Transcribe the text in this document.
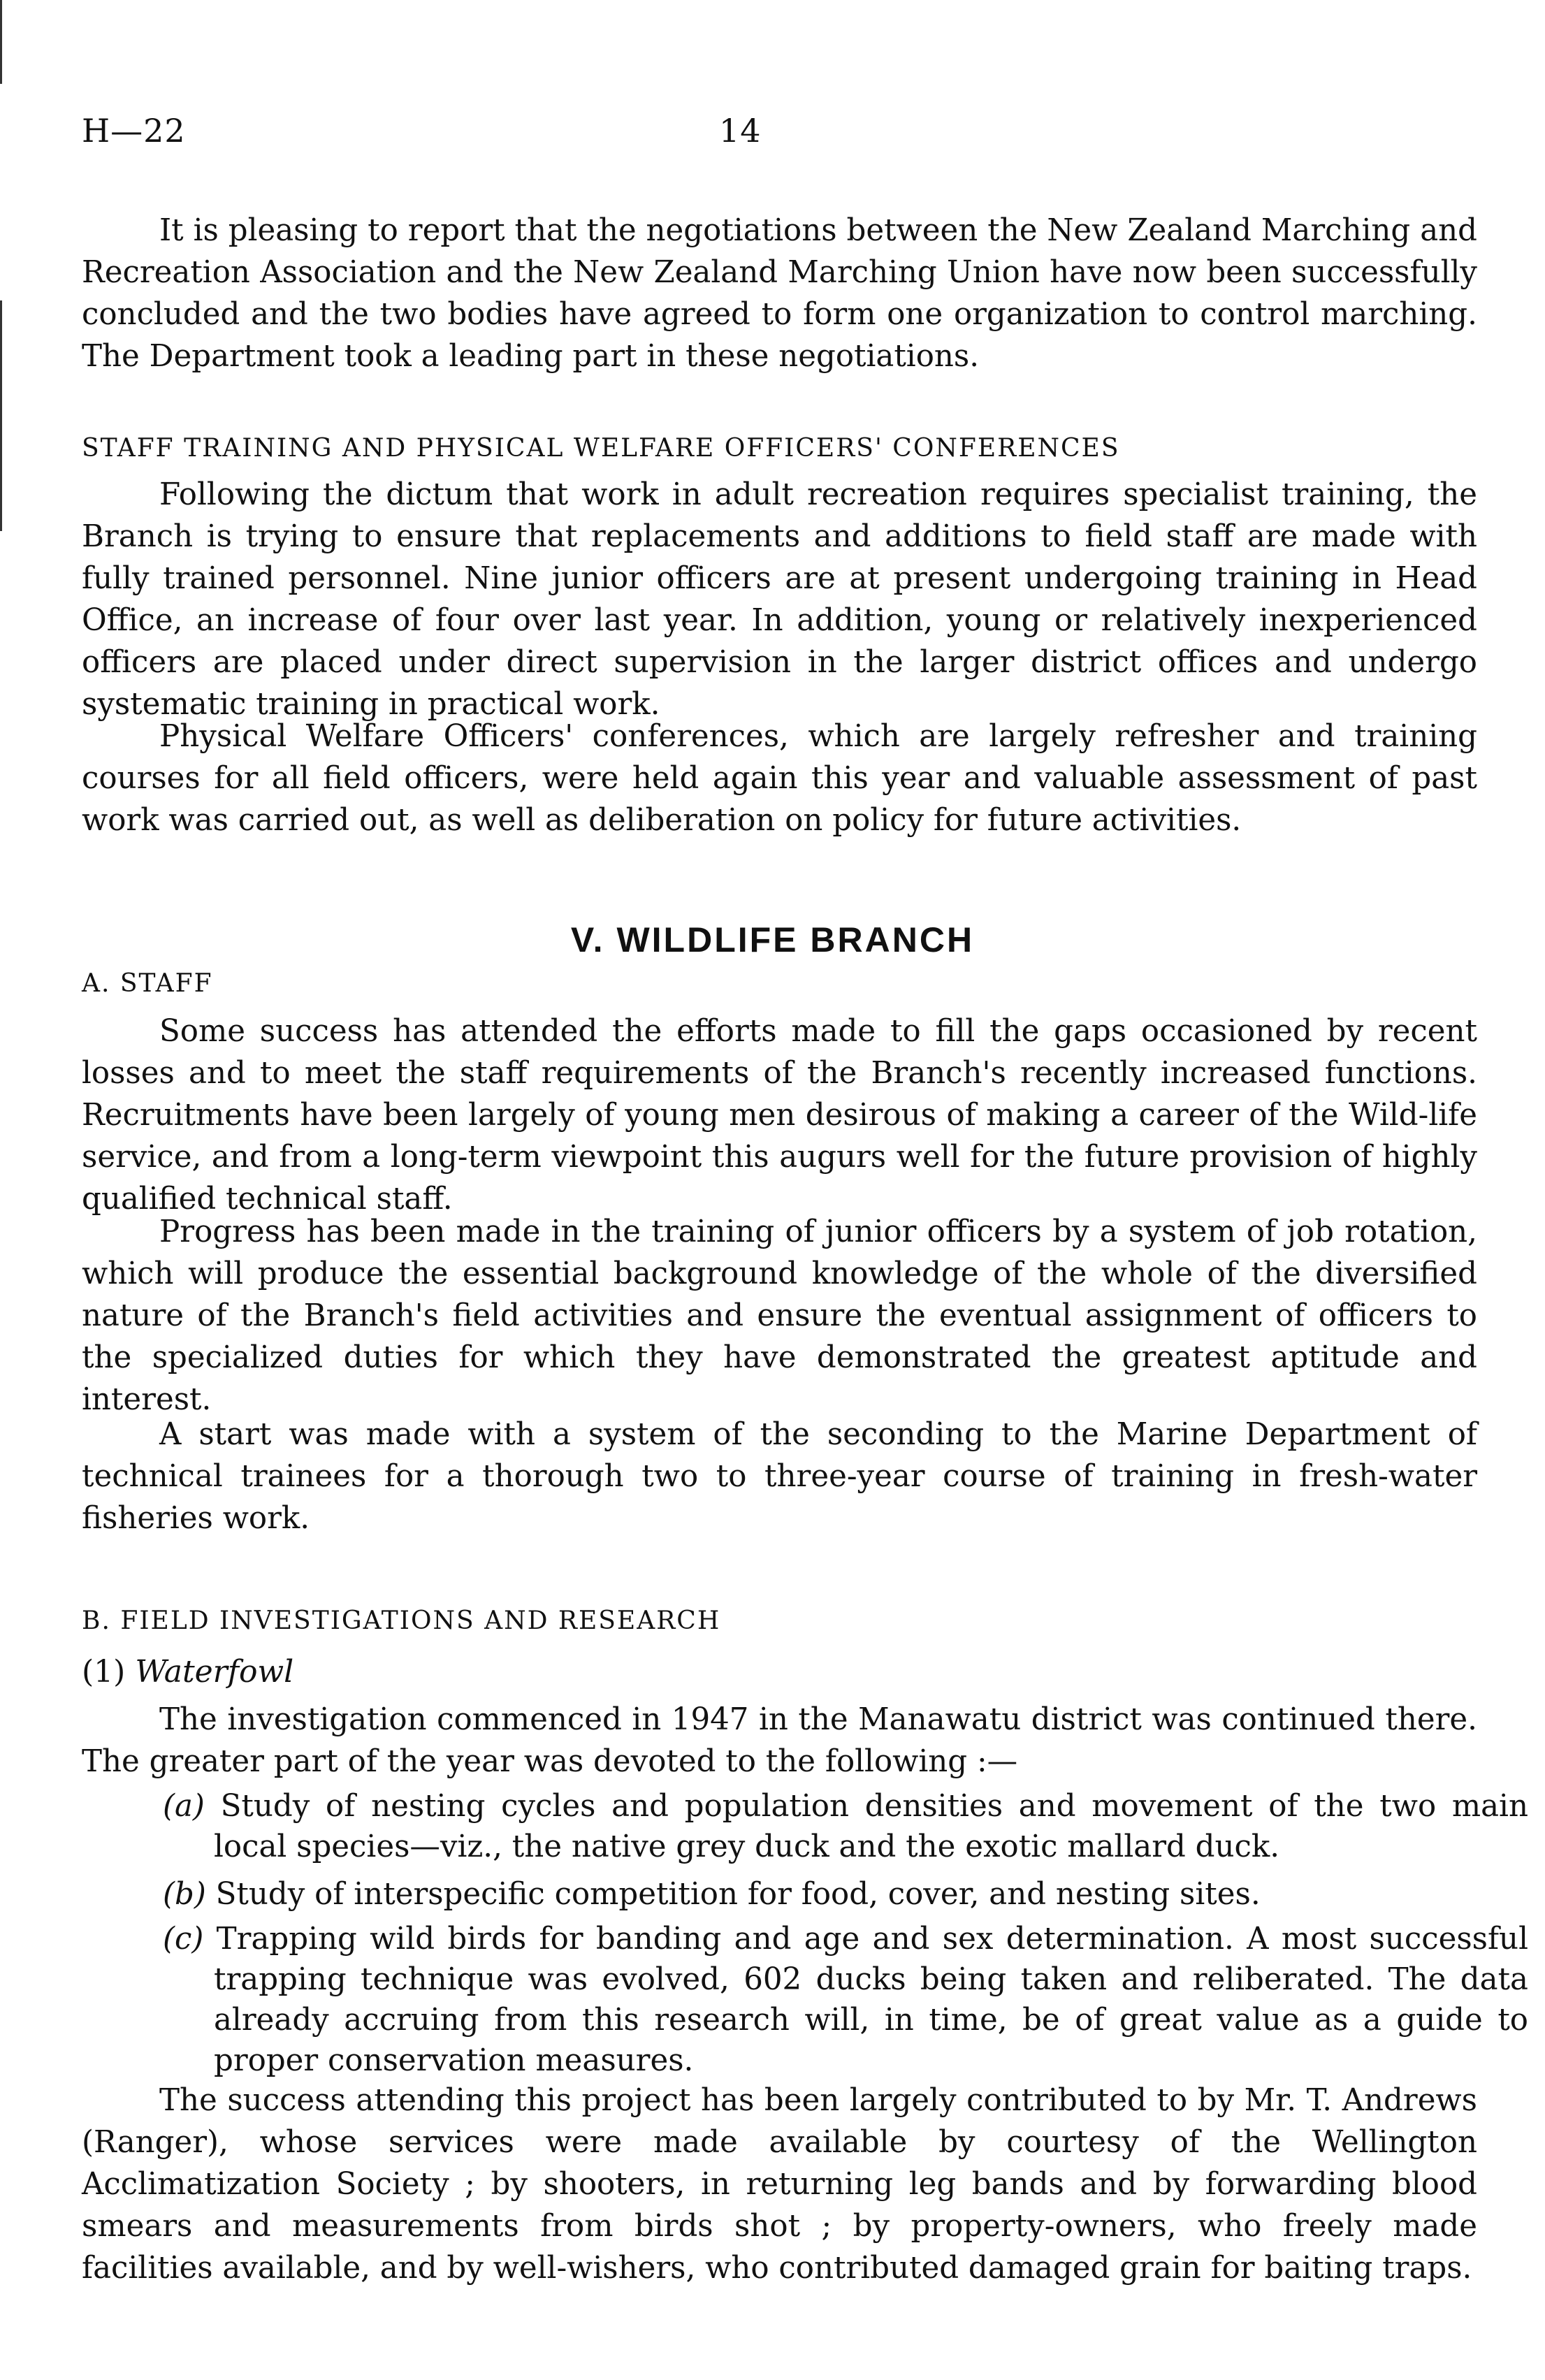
H—22	14

It is pleasing to report that the negotiations between the New Zealand Marching and Recreation Association and the New Zealand Marching Union have now been successfully concluded and the two bodies have agreed to form one organization to control marching. The Department took a leading part in these negotiations.

STAFF TRAINING AND PHYSICAL WELFARE OFFICERS' CONFERENCES

Following the dictum that work in adult recreation requires specialist training, the Branch is trying to ensure that replacements and additions to field staff are made with fully trained personnel. Nine junior officers are at present undergoing training in Head Office, an increase of four over last year. In addition, young or relatively inexperienced officers are placed under direct supervision in the larger district offices and undergo systematic training in practical work.

Physical Welfare Officers' conferences, which are largely refresher and training courses for all field officers, were held again this year and valuable assessment of past work was carried out, as well as deliberation on policy for future activities.

V. WILDLIFE BRANCH
A. STAFF

Some success has attended the efforts made to fill the gaps occasioned by recent losses and to meet the staff requirements of the Branch's recently increased functions. Recruitments have been largely of young men desirous of making a career of the Wild-life service, and from a long-term viewpoint this augurs well for the future provision of highly qualified technical staff.

Progress has been made in the training of junior officers by a system of job rotation, which will produce the essential background knowledge of the whole of the diversified nature of the Branch's field activities and ensure the eventual assignment of officers to the specialized duties for which they have demonstrated the greatest aptitude and interest.

A start was made with a system of the seconding to the Marine Department of technical trainees for a thorough two to three-year course of training in fresh-water fisheries work.

B. FIELD INVESTIGATIONS AND RESEARCH
(1) Waterfowl

The investigation commenced in 1947 in the Manawatu district was continued there. The greater part of the year was devoted to the following :—

(a) Study of nesting cycles and population densities and movement of the two main local species—viz., the native grey duck and the exotic mallard duck.

(b) Study of interspecific competition for food, cover, and nesting sites.

(c) Trapping wild birds for banding and age and sex determination. A most successful trapping technique was evolved, 602 ducks being taken and reliberated. The data already accruing from this research will, in time, be of great value as a guide to proper conservation measures.

The success attending this project has been largely contributed to by Mr. T. Andrews (Ranger), whose services were made available by courtesy of the Wellington Acclimatization Society ; by shooters, in returning leg bands and by forwarding blood smears and measurements from birds shot ; by property-owners, who freely made facilities available, and by well-wishers, who contributed damaged grain for baiting traps.
